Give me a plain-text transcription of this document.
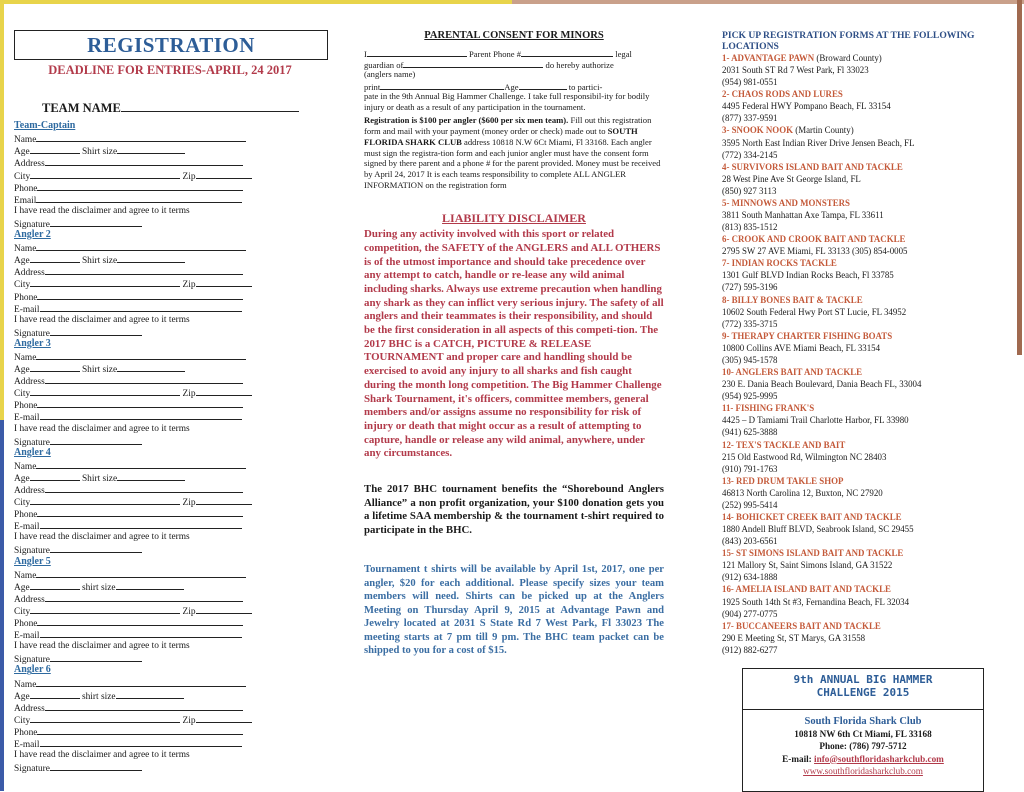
REGISTRATION
DEADLINE FOR ENTRIES-APRIL, 24 2017
TEAM NAME
Team-Captain
Name
Age	Shirt size
Address
City	Zip
Phone
Email
I have read the disclaimer and agree to it terms
Signature
Angler 2
Name
Age	Shirt size
Address
City	Zip
Phone
E-mail
I have read the disclaimer and agree to it terms
Signature
Angler 3
Name
Age	Shirt size
Address
City	Zip
Phone
E-mail
I have read the disclaimer and agree to it terms
Signature
Angler 4
Name
Age	Shirt size
Address
City	Zip
Phone
E-mail
I have read the disclaimer and agree to it terms
Signature
Angler 5
Name
Age	shirt size
Address
City	Zip
Phone
E-mail
I have read the disclaimer and agree to it terms
Signature
Angler 6
Name
Age	shirt size
Address
City	Zip
Phone
E-mail
I have read the disclaimer and agree to it terms
Signature
PARENTAL CONSENT FOR MINORS
I	Parent Phone #	legal
guardian of	do hereby authorize
(anglers name)
print	Age	to partici-
pate in the 9th Annual Big Hammer Challenge. I take full responsibil-ity for bodily injury or death as a result of any participation in the tournament.
Registration is $100 per angler ($600 per six men team). Fill out this registration form and mail with your payment (money order or check) made out to SOUTH FLORIDA SHARK CLUB address 10818 N.W 6Ct Miami, Fl 33168. Each angler must sign the registra-tion form and each junior angler must have the consent form signed by there parent and a phone # for the parent provided. Money must be received by April 24, 2017 It is each teams responsibility to complete ALL ANGLER INFORMATION on the registration form
LIABILITY DISCLAIMER
During any activity involved with this sport or related competition, the SAFETY of the ANGLERS and ALL OTHERS is of the utmost importance and should take precedence over any attempt to catch, handle or re-lease any wild animal including sharks. Always use extreme precaution when handling any shark as they can inflict very serious injury. The safety of all anglers and their teammates is their responsibility, and should be the first consideration in all aspects of this competi-tion. The 2017 BHC is a CATCH, PICTURE & RELEASE TOURNAMENT and proper care and handling should be exercised to avoid any injury to all sharks and fish caught during the month long competition. The Big Hammer Challenge Shark Tournament, it's officers, committee members, general members and/or assigns assume no responsibility for risk of injury or death that might occur as a result of attempting to capture, handle or release any wild animal, anywhere, under any circumstances.
The 2017 BHC tournament benefits the “Shorebound Anglers Alliance” a non profit organization, your $100 donation gets you a lifetime SAA membership & the tournament t-shirt required to participate in the BHC.
Tournament t shirts will be available by April 1st, 2017, one per angler, $20 for each additional. Please specify sizes your team members will need. Shirts can be picked up at the Anglers Meeting on Thursday April 9, 2015 at Advantage Pawn and Jewelry located at 2031 S State Rd 7 West Park, Fl 33023 The meeting starts at 7 pm till 9 pm. The BHC team packet can be shipped to you for a cost of $15.
PICK UP REGISTRATION FORMS AT THE FOLLOWING LOCATIONS
1- ADVANTAGE PAWN (Broward County)
2031 South ST Rd 7 West Park, Fl 33023
(954) 981-0551
2- CHAOS RODS AND LURES
4495 Federal HWY Pompano Beach, FL 33154
(877) 337-9591
3- SNOOK NOOK (Martin County)
3595 North East Indian River Drive Jensen Beach, FL
(772) 334-2145
4- SURVIVORS ISLAND BAIT AND TACKLE
28 West Pine Ave St George Island, FL
(850) 927 3113
5- MINNOWS AND MONSTERS
3811 South Manhattan Axe Tampa, FL 33611
(813) 835-1512
6- CROOK AND CROOK BAIT AND TACKLE
2795 SW 27 AVE Miami, FL 33133 (305) 854-0005
7- INDIAN ROCKS TACKLE
1301 Gulf BLVD Indian Rocks Beach, Fl 33785
(727) 595-3196
8- BILLY BONES BAIT & TACKLE
10602 South Federal Hwy Port ST Lucie, FL 34952
(772) 335-3715
9- THERAPY CHARTER FISHING BOATS
10800 Collins AVE Miami Beach, FL 33154
(305) 945-1578
10- ANGLERS BAIT AND TACKLE
230 E. Dania Beach Boulevard, Dania Beach FL, 33004
(954) 925-9995
11- FISHING FRANK'S
4425 – D Tamiami Trail Charlotte Harbor, FL 33980
(941) 625-3888
12- TEX'S TACKLE AND BAIT
215 Old Eastwood Rd, Wilmington NC 28403
(910) 791-1763
13- RED DRUM TAKLE SHOP
46813 North Carolina 12, Buxton, NC 27920
(252) 995-5414
14- BOHICKET CREEK BAIT AND TACKLE
1880 Andell Bluff BLVD, Seabrook Island, SC 29455
(843) 203-6561
15- ST SIMONS ISLAND BAIT AND TACKLE
121 Mallory St, Saint Simons Island, GA 31522
(912) 634-1888
16- AMELIA ISLAND BAIT AND TACKLE
1925 South 14th St #3, Fernandina Beach, FL 32034
(904) 277-0775
17- BUCCANEERS BAIT AND TACKLE
290 E Meeting St, ST Marys, GA 31558
(912) 882-6277
9th ANNUAL BIG HAMMER
CHALLENGE 2015
South Florida Shark Club
10818 NW 6th Ct Miami, FL 33168
Phone: (786) 797-5712
E-mail: info@southfloridasharkclub.com
www.southfloridasharkclub.com
